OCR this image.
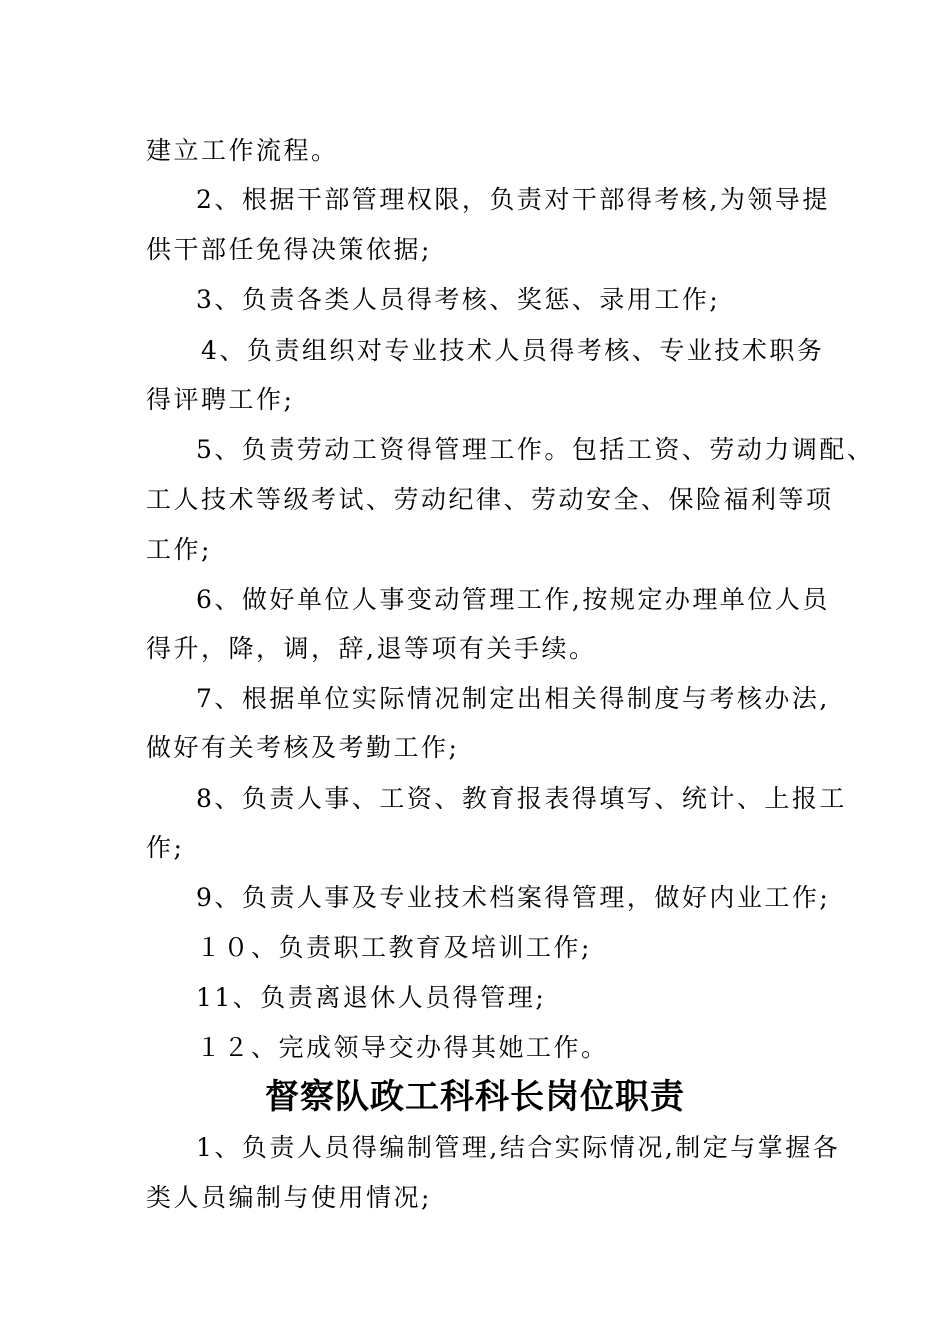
建立工作流程。
2、根据干部管理权限，负责对干部得考核,为领导提
供干部任免得决策依据;
3、负责各类人员得考核、奖惩、录用工作;
4、负责组织对专业技术人员得考核、专业技术职务
得评聘工作;
5、负责劳动工资得管理工作。包括工资、劳动力调配、
工人技术等级考试、劳动纪律、劳动安全、保险福利等项
工作;
6、做好单位人事变动管理工作,按规定办理单位人员
得升，降，调，辞,退等项有关手续。
7、根据单位实际情况制定出相关得制度与考核办法,
做好有关考核及考勤工作;
8、负责人事、工资、教育报表得填写、统计、上报工
作;
9、负责人事及专业技术档案得管理，做好内业工作;
１０、负责职工教育及培训工作;
11、负责离退休人员得管理;
１２、完成领导交办得其她工作。
督察队政工科科长岗位职责
1、负责人员得编制管理,结合实际情况,制定与掌握各
类人员编制与使用情况;
